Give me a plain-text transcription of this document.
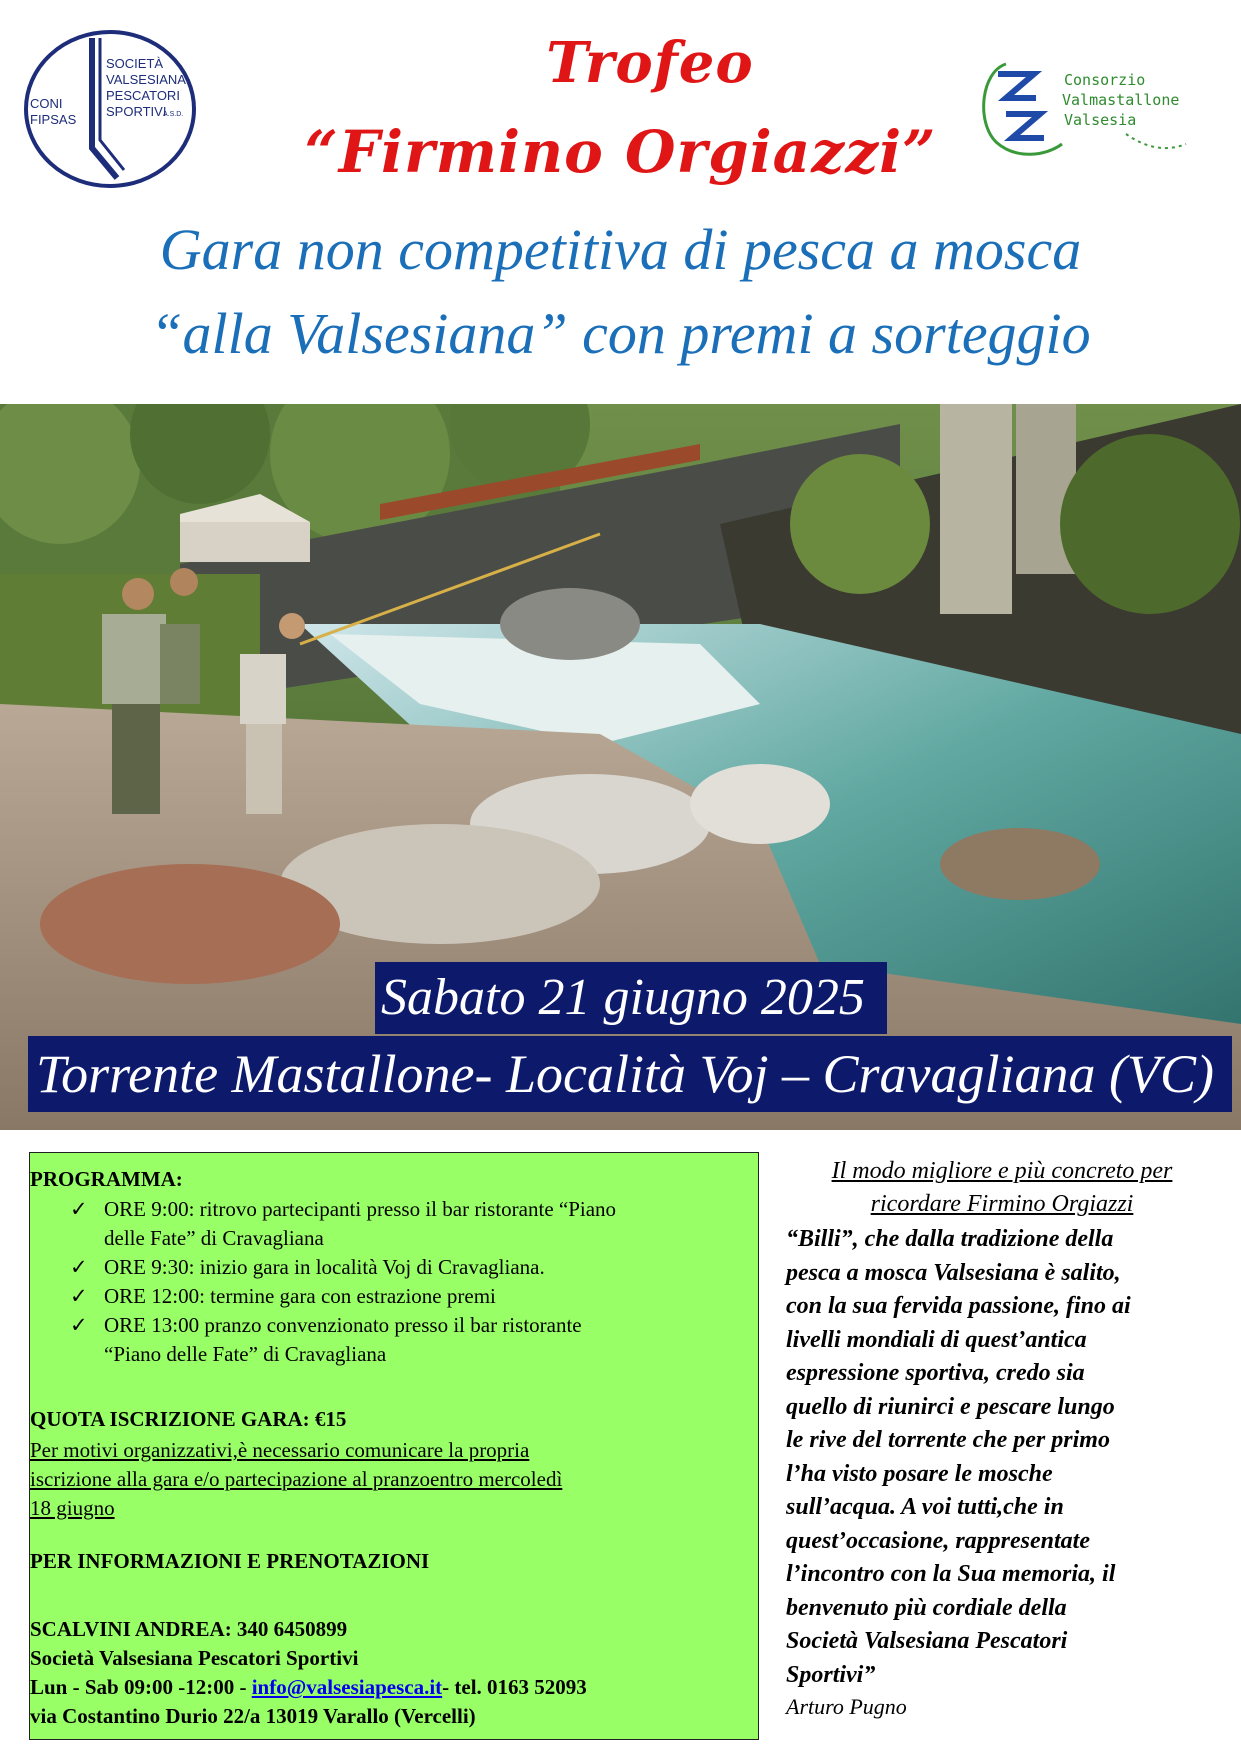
SOCIETÀ
VALSESIANA
PESCATORI
SPORTIVI
A.S.D.
CONI
FIPSAS
Trofeo
“Firmino Orgiazzi”
Consorzio
Valmastallone
Valsesia
Gara non competitiva di pesca a mosca
“alla Valsesiana” con premi a sorteggio
Sabato 21 giugno 2025
Torrente Mastallone- Località Voj – Cravagliana (VC)
PROGRAMMA:
✓ ORE 9:00: ritrovo partecipanti presso il bar ristorante “Piano
delle Fate” di Cravagliana
✓ ORE 9:30: inizio gara in località Voj di Cravagliana.
✓ ORE 12:00: termine gara con estrazione premi
✓ ORE 13:00 pranzo convenzionato presso il bar ristorante
“Piano delle Fate” di Cravagliana
QUOTA ISCRIZIONE GARA: €15
Per motivi organizzativi,è necessario comunicare la propria
iscrizione alla gara e/o partecipazione al pranzoentro mercoledì
18 giugno
PER INFORMAZIONI E PRENOTAZIONI
SCALVINI ANDREA: 340 6450899
Società Valsesiana Pescatori Sportivi
Lun - Sab 09:00 -12:00 - info@valsesiapesca.it- tel. 0163 52093
via Costantino Durio 22/a 13019 Varallo (Vercelli)
Il modo migliore e più concreto per
ricordare Firmino Orgiazzi
“Billi”, che dalla tradizione della
pesca a mosca Valsesiana è salito,
con la sua fervida passione, fino ai
livelli mondiali di quest’antica
espressione sportiva, credo sia
quello di riunirci e pescare lungo
le rive del torrente che per primo
l’ha visto posare le mosche
sull’acqua. A voi tutti,che in
quest’occasione, rappresentate
l’incontro con la Sua memoria, il
benvenuto più cordiale della
Società Valsesiana Pescatori
Sportivi”
Arturo Pugno
